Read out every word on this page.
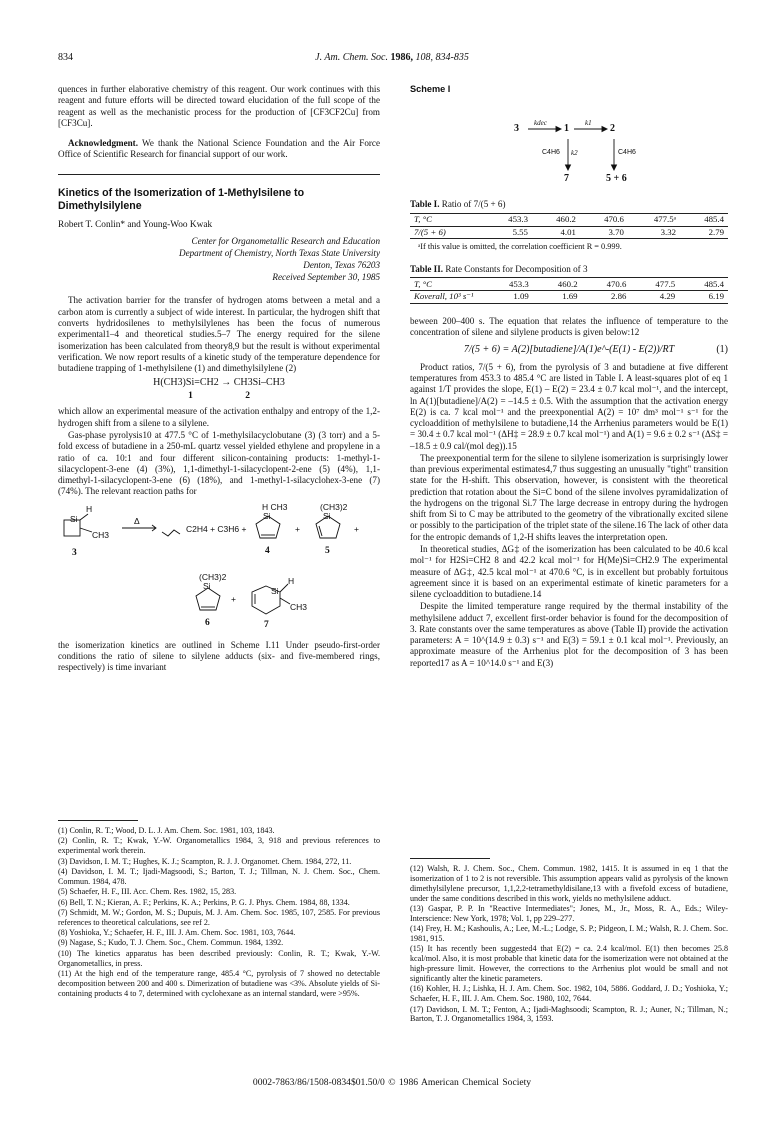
834	J. Am. Chem. Soc. 1986, 108, 834-835

quences in further elaborative chemistry of this reagent. Our work continues with this reagent and future efforts will be directed toward elucidation of the full scope of the reagent as well as the mechanistic process for the production of [CF3CF2Cu] from [CF3Cu].

Acknowledgment. We thank the National Science Foundation and the Air Force Office of Scientific Research for financial support of our work.

Kinetics of the Isomerization of 1-Methylsilene to Dimethylsilylene
Robert T. Conlin* and Young-Woo Kwak
Center for Organometallic Research and Education
Department of Chemistry, North Texas State University
Denton, Texas 76203
Received September 30, 1985

The activation barrier for the transfer of hydrogen atoms between a metal and a carbon atom is currently a subject of wide interest. In particular, the hydrogen shift that converts hydridosilenes to methylsilylenes has been the focus of numerous experimental1–4 and theoretical studies.5–7 The energy required for the silene isomerization has been calculated from theory8,9 but the result is without experimental verification. We now report results of a kinetic study of the temperature dependence for butadiene trapping of 1-methylsilene (1) and dimethylsilylene (2)

H(CH3)Si=CH2 → CH3Si–CH3
1 2

which allow an experimental measure of the activation enthalpy and entropy of the 1,2-hydrogen shift from a silene to a silylene.

Gas-phase pyrolysis10 at 477.5 °C of 1-methylsilacyclobutane (3) (3 torr) and a 5-fold excess of butadiene in a 250-mL quartz vessel yielded ethylene and propylene in a ratio of ca. 10:1 and four different silicon-containing products: 1-methyl-1-silacyclopent-3-ene (4) (3%), 1,1-dimethyl-1-silacyclopent-2-ene (5) (4%), 1,1-dimethyl-1-silacyclopent-3-ene (6) (18%), and 1-methyl-1-silacyclohex-3-ene (7) (74%). The relevant reaction paths for

Si
H
CH3
Δ
C2H4 + C3H6 +
H CH3
Si
+
(CH3)2
Si
+
3	4	5
(CH3)2
Si
+
Si
H
CH3
6	7

the isomerization kinetics are outlined in Scheme I.11 Under pseudo-first-order conditions the ratio of silene to silylene adducts (six- and five-membered rings, respectively) is time invariant

(1) Conlin, R. T.; Wood, D. L. J. Am. Chem. Soc. 1981, 103, 1843.

(2) Conlin, R. T.; Kwak, Y.-W. Organometallics 1984, 3, 918 and previous references to experimental work therein.

(3) Davidson, I. M. T.; Hughes, K. J.; Scampton, R. J. J. Organomet. Chem. 1984, 272, 11.

(4) Davidson, I. M. T.; Ijadi-Magsoodi, S.; Barton, T. J.; Tillman, N. J. Chem. Soc., Chem. Commun. 1984, 478.

(5) Schaefer, H. F., III. Acc. Chem. Res. 1982, 15, 283.

(6) Bell, T. N.; Kieran, A. F.; Perkins, K. A.; Perkins, P. G. J. Phys. Chem. 1984, 88, 1334.

(7) Schmidt, M. W.; Gordon, M. S.; Dupuis, M. J. Am. Chem. Soc. 1985, 107, 2585. For previous references to theoretical calculations, see ref 2.

(8) Yoshioka, Y.; Schaefer, H. F., III. J. Am. Chem. Soc. 1981, 103, 7644.

(9) Nagase, S.; Kudo, T. J. Chem. Soc., Chem. Commun. 1984, 1392.

(10) The kinetics apparatus has been described previously: Conlin, R. T.; Kwak, Y.-W. Organometallics, in press.

(11) At the high end of the temperature range, 485.4 °C, pyrolysis of 7 showed no detectable decomposition between 200 and 400 s. Dimerization of butadiene was <3%. Absolute yields of Si-containing products 4 to 7, determined with cyclohexane as an internal standard, were >95%.

Scheme I
3	1	2
kdec	k1
C4H6 k2	C4H6
7	5 + 6
Table I. Ratio of 7/(5 + 6)
T, °C	453.3	460.2	470.6	477.5ᵃ	485.4
7/(5 + 6)	5.55	4.01	3.70	3.32	2.79
ᵃIf this value is omitted, the correlation coefficient R = 0.999.
Table II. Rate Constants for Decomposition of 3
T, °C	453.3	460.2	470.6	477.5	485.4
Koverall, 10³ s⁻¹	1.09	1.69	2.86	4.29	6.19

beween 200–400 s. The equation that relates the influence of temperature to the concentration of silene and silylene products is given below:12

7/(5 + 6) = A(2)[butadiene]/A(1)e^-(E(1) - E(2))/RT	(1)

Product ratios, 7/(5 + 6), from the pyrolysis of 3 and butadiene at five different temperatures from 453.3 to 485.4 °C are listed in Table I. A least-squares plot of eq 1 against 1/T provides the slope, E(1) – E(2) = 23.4 ± 0.7 kcal mol⁻¹, and the intercept, ln A(1)[butadiene]/A(2) = –14.5 ± 0.5. With the assumption that the activation energy E(2) is ca. 7 kcal mol⁻¹ and the preexponential A(2) = 10⁷ dm³ mol⁻¹ s⁻¹ for the cycloaddition of methylsilene to butadiene,14 the Arrhenius parameters would be E(1) = 30.4 ± 0.7 kcal mol⁻¹ (ΔH‡ = 28.9 ± 0.7 kcal mol⁻¹) and A(1) = 9.6 ± 0.2 s⁻¹ (ΔS‡ = –18.5 ± 0.9 cal/(mol deg)).15

The preexponential term for the silene to silylene isomerization is surprisingly lower than previous experimental estimates4,7 thus suggesting an unusually "tight" transition state for the H-shift. This observation, however, is consistent with the theoretical prediction that rotation about the Si=C bond of the silene involves pyramidalization of the hydrogens on the trigonal Si.7 The large decrease in entropy during the hydrogen shift from Si to C may be attributed to the geometry of the vibrationally excited silene or possibly to the participation of the triplet state of the silene.16 The lack of other data for the entropic demands of 1,2-H shifts leaves the interpretation open.

In theoretical studies, ΔG‡ of the isomerization has been calculated to be 40.6 kcal mol⁻¹ for H2Si=CH2 8 and 42.2 kcal mol⁻¹ for H(Me)Si=CH2.9 The experimental measure of ΔG‡, 42.5 kcal mol⁻¹ at 470.6 °C, is in excellent but probably fortuitous agreement since it is based on an experimental estimate of kinetic parameters for a silene cycloaddition to butadiene.14

Despite the limited temperature range required by the thermal instability of the methylsilene adduct 7, excellent first-order behavior is found for the decomposition of 3. Rate constants over the same temperatures as above (Table II) provide the activation parameters: A = 10^(14.9 ± 0.3) s⁻¹ and E(3) = 59.1 ± 0.1 kcal mol⁻¹. Previously, an approximate measure of the Arrhenius plot for the decomposition of 3 has been reported17 as A = 10^14.0 s⁻¹ and E(3)

(12) Walsh, R. J. Chem. Soc., Chem. Commun. 1982, 1415. It is assumed in eq 1 that the isomerization of 1 to 2 is not reversible. This assumption appears valid as pyrolysis of the known dimethylsilylene precursor, 1,1,2,2-tetramethyldisilane,13 with a fivefold excess of butadiene, under the same conditions described in this work, yields no methylsilene adduct.

(13) Gaspar, P. P. In "Reactive Intermediates"; Jones, M., Jr., Moss, R. A., Eds.; Wiley-Interscience: New York, 1978; Vol. 1, pp 229–277.

(14) Frey, H. M.; Kashoulis, A.; Lee, M.-L.; Lodge, S. P.; Pidgeon, I. M.; Walsh, R. J. Chem. Soc. 1981, 915.

(15) It has recently been suggested4 that E(2) = ca. 2.4 kcal/mol. E(1) then becomes 25.8 kcal/mol. Also, it is most probable that kinetic data for the isomerization were not obtained at the high-pressure limit. However, the corrections to the Arrhenius plot would be small and not significantly alter the kinetic parameters.

(16) Kohler, H. J.; Lishka, H. J. Am. Chem. Soc. 1982, 104, 5886. Goddard, J. D.; Yoshioka, Y.; Schaefer, H. F., III. J. Am. Chem. Soc. 1980, 102, 7644.

(17) Davidson, I. M. T.; Fenton, A.; Ijadi-Maghsoodi; Scampton, R. J.; Auner, N.; Tillman, N.; Barton, T. J. Organometallics 1984, 3, 1593.

0002-7863/86/1508-0834$01.50/0 © 1986 American Chemical Society
